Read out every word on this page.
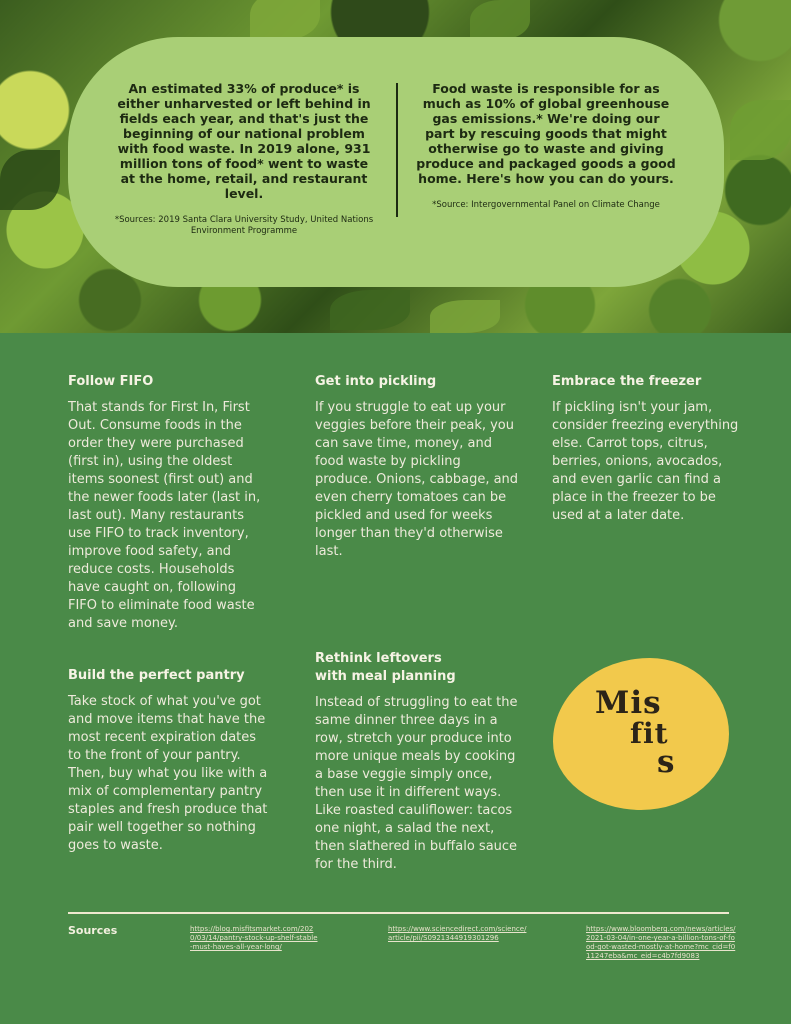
An estimated 33% of produce* is either unharvested or left behind in fields each year, and that's just the beginning of our national problem with food waste. In 2019 alone, 931 million tons of food* went to waste at the home, retail, and restaurant level.

*Sources: 2019 Santa Clara University Study, United Nations Environment Programme

Food waste is responsible for as much as 10% of global greenhouse gas emissions.* We're doing our part by rescuing goods that might otherwise go to waste and giving produce and packaged goods a good home. Here's how you can do yours.

*Source: Intergovernmental Panel on Climate Change
Follow FIFO

That stands for First In, First Out. Consume foods in the order they were purchased (first in), using the oldest items soonest (first out) and the newer foods later (last in, last out). Many restaurants use FIFO to track inventory, improve food safety, and reduce costs. Households have caught on, following FIFO to eliminate food waste and save money.

Get into pickling

If you struggle to eat up your veggies before their peak, you can save time, money, and food waste by pickling produce. Onions, cabbage, and even cherry tomatoes can be pickled and used for weeks longer than they'd otherwise last.

Embrace the freezer

If pickling isn't your jam, consider freezing everything else. Carrot tops, citrus, berries, onions, avocados, and even garlic can find a place in the freezer to be used at a later date.

Build the perfect pantry

Take stock of what you've got and move items that have the most recent expiration dates to the front of your pantry. Then, buy what you like with a mix of complementary pantry staples and fresh produce that pair well together so nothing goes to waste.

Rethink leftovers with meal planning

Instead of struggling to eat the same dinner three days in a row, stretch your produce into more unique meals by cooking a base veggie simply once, then use it in different ways. Like roasted cauliflower: tacos one night, a salad the next, then slathered in buffalo sauce for the third.

Mis
fit
s
Sources	https://blog.misfitsmarket.com/2020/03/14/pantry-stock-up-shelf-stable-must-haves-all-year-long/
https://www.sciencedirect.com/science/article/pii/S0921344919301296
https://www.bloomberg.com/news/articles/2021-03-04/in-one-year-a-billion-tons-of-food-got-wasted-mostly-at-home?mc_cid=f011247eba&mc_eid=c4b7fd9083
